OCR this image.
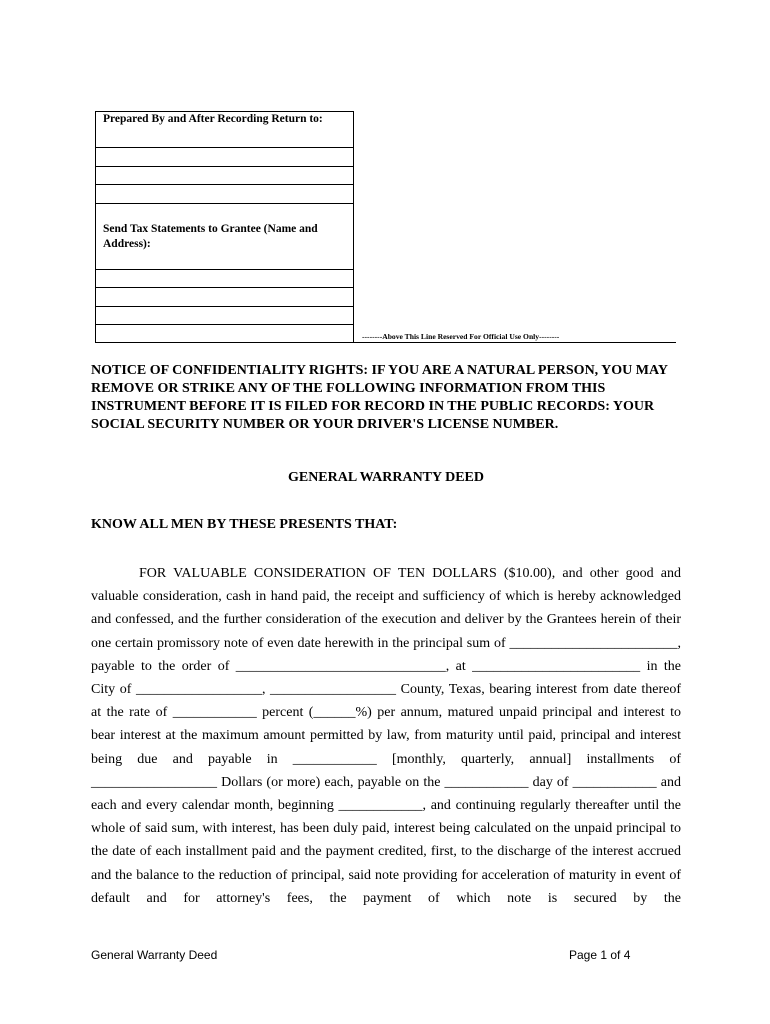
Prepared By and After Recording Return to:
Send Tax Statements to Grantee (Name and Address):
--------Above This Line Reserved For Official Use Only--------
NOTICE OF CONFIDENTIALITY RIGHTS: IF YOU ARE A NATURAL PERSON, YOU MAY REMOVE OR STRIKE ANY OF THE FOLLOWING INFORMATION FROM THIS INSTRUMENT BEFORE IT IS FILED FOR RECORD IN THE PUBLIC RECORDS: YOUR SOCIAL SECURITY NUMBER OR YOUR DRIVER'S LICENSE NUMBER.
GENERAL WARRANTY DEED
KNOW ALL MEN BY THESE PRESENTS THAT:

FOR VALUABLE CONSIDERATION OF TEN DOLLARS ($10.00), and other good and valuable consideration, cash in hand paid, the receipt and sufficiency of which is hereby acknowledged and confessed, and the further consideration of the execution and deliver by the Grantees herein of their one certain promissory note of even date herewith in the principal sum of ________________________, payable to the order of ______________________________, at ________________________ in the City of __________________, __________________ County, Texas, bearing interest from date thereof at the rate of ____________ percent (______%) per annum, matured unpaid principal and interest to bear interest at the maximum amount permitted by law, from maturity until paid, principal and interest being due and payable in ____________ [monthly, quarterly, annual] installments of __________________ Dollars (or more) each, payable on the ____________ day of ____________ and each and every calendar month, beginning ____________, and continuing regularly thereafter until the whole of said sum, with interest, has been duly paid, interest being calculated on the unpaid principal to the date of each installment paid and the payment credited, first, to the discharge of the interest accrued and the balance to the reduction of principal, said note providing for acceleration of maturity in event of default and for attorney's fees, the payment of which note is secured by the

General Warranty Deed	Page 1 of 4
